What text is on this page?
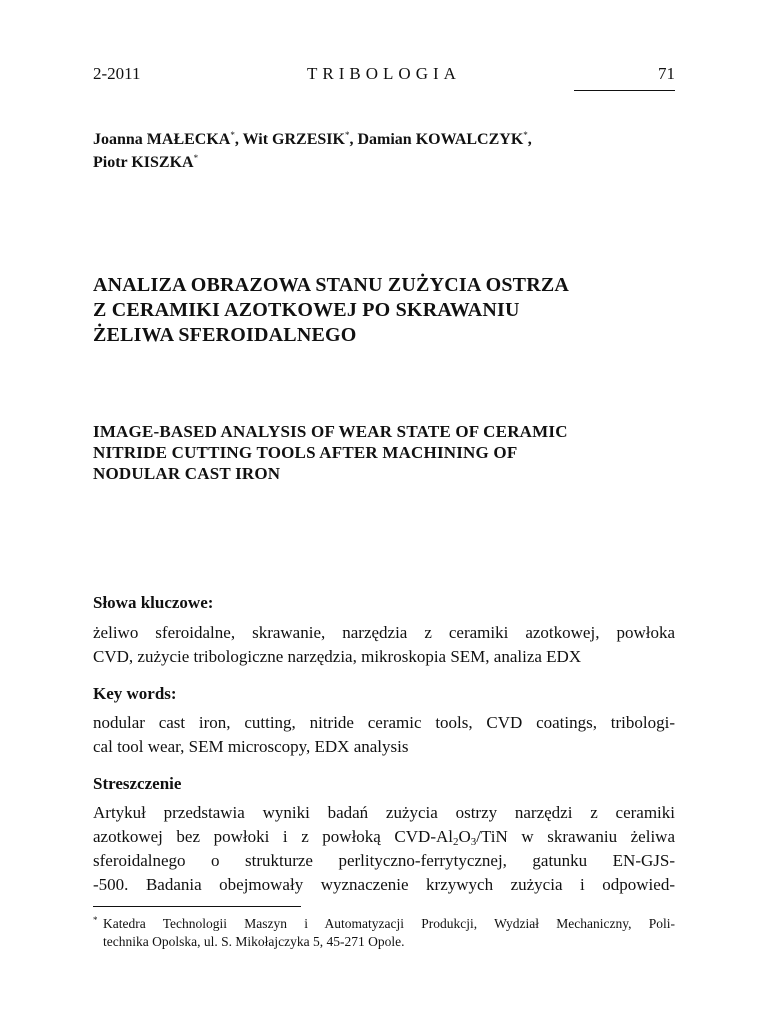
2-2011	TRIBOLOGIA	71
Joanna MAŁECKA*, Wit GRZESIK*, Damian KOWALCZYK*,
Piotr KISZKA*
ANALIZA OBRAZOWA STANU ZUŻYCIA OSTRZA
Z CERAMIKI AZOTKOWEJ PO SKRAWANIU
ŻELIWA SFEROIDALNEGO
IMAGE-BASED ANALYSIS OF WEAR STATE OF CERAMIC
NITRIDE CUTTING TOOLS AFTER MACHINING OF
NODULAR CAST IRON
Słowa kluczowe:
żeliwo sferoidalne, skrawanie, narzędzia z ceramiki azotkowej, powłoka
CVD, zużycie tribologiczne narzędzia, mikroskopia SEM, analiza EDX
Key words:
nodular cast iron, cutting, nitride ceramic tools, CVD coatings, tribologi-
cal tool wear, SEM microscopy, EDX analysis
Streszczenie
Artykuł przedstawia wyniki badań zużycia ostrzy narzędzi z ceramiki
azotkowej bez powłoki i z powłoką CVD-$Al_2O_3$/TiN w skrawaniu żeliwa
sferoidalnego o strukturze perlityczno-ferrytycznej, gatunku EN-GJS-
-500. Badania obejmowały wyznaczenie krzywych zużycia i odpowied-
* Katedra Technologii Maszyn i Automatyzacji Produkcji, Wydział Mechaniczny, Poli-
technika Opolska, ul. S. Mikołajczyka 5, 45-271 Opole.
